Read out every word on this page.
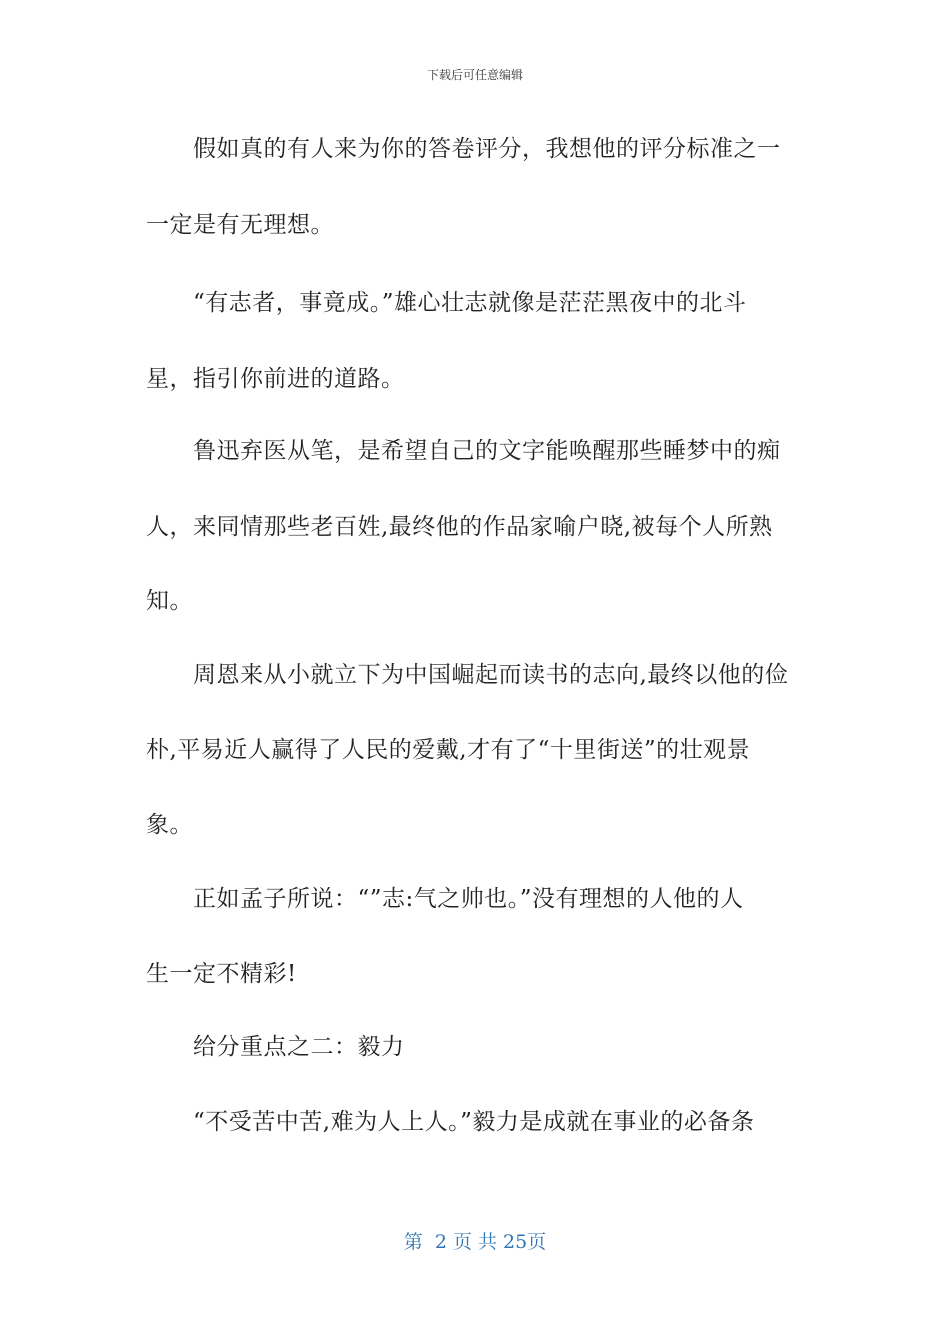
下载后可任意编辑
假如真的有人来为你的答卷评分，我想他的评分标准之一
一定是有无理想。
“有志者，事竟成。”雄心壮志就像是茫茫黑夜中的北斗
星，指引你前进的道路。
鲁迅弃医从笔，是希望自己的文字能唤醒那些睡梦中的痴
人，来同情那些老百姓,最终他的作品家喻户晓,被每个人所熟
知。
周恩来从小就立下为中国崛起而读书的志向,最终以他的俭
朴,平易近人赢得了人民的爱戴,才有了“十里街送”的壮观景
象。
正如孟子所说：“”志:气之帅也。”没有理想的人他的人
生一定不精彩!
给分重点之二：毅力
“不受苦中苦,难为人上人。”毅力是成就在事业的必备条
第  2 页 共 25页
